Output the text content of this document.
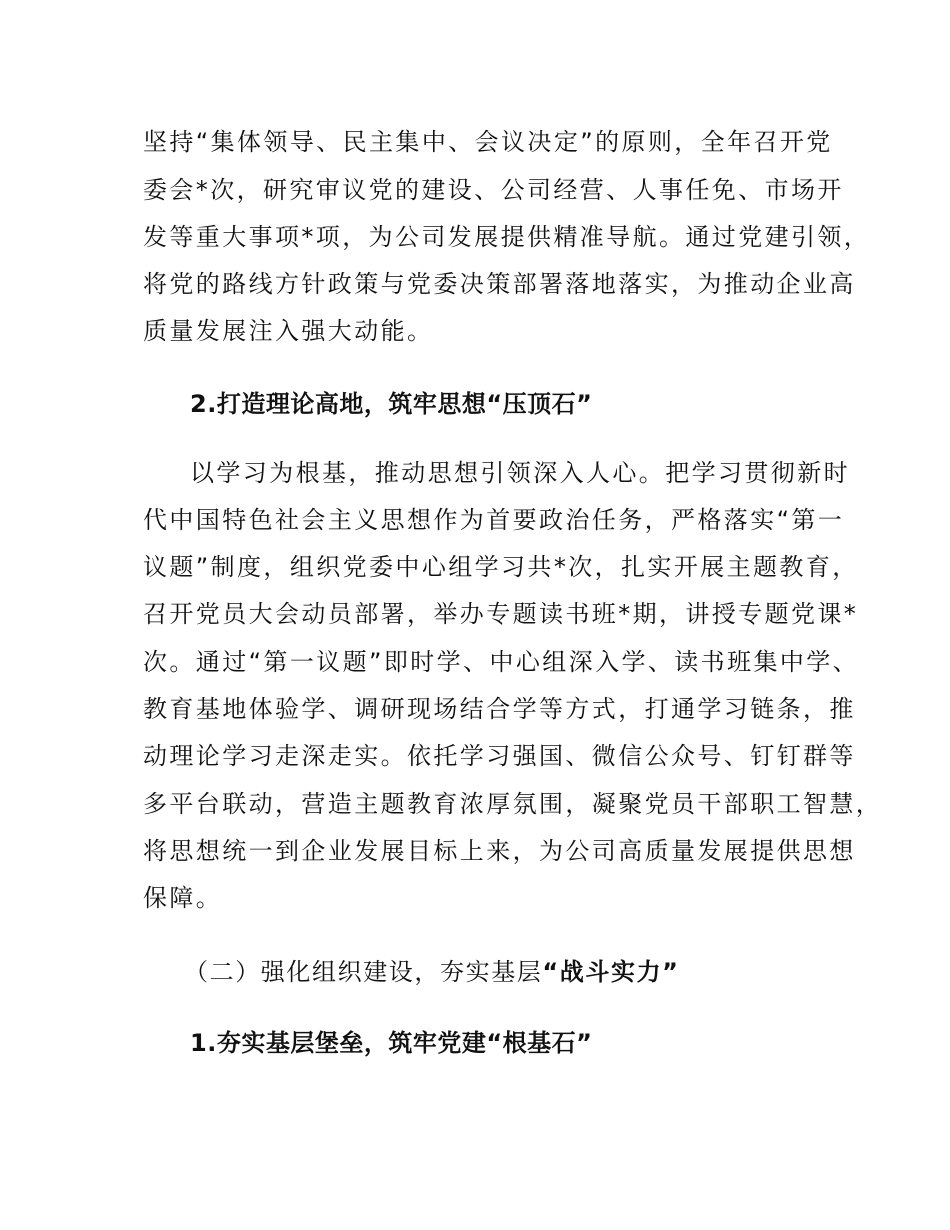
坚持“集体领导、民主集中、会议决定”的原则，全年召开党
委会*次，研究审议党的建设、公司经营、人事任免、市场开
发等重大事项*项，为公司发展提供精准导航。通过党建引领，
将党的路线方针政策与党委决策部署落地落实，为推动企业高
质量发展注入强大动能。
2.打造理论高地，筑牢思想“压顶石”
以学习为根基，推动思想引领深入人心。把学习贯彻新时
代中国特色社会主义思想作为首要政治任务，严格落实“第一
议题”制度，组织党委中心组学习共*次，扎实开展主题教育，
召开党员大会动员部署，举办专题读书班*期，讲授专题党课*
次。通过“第一议题”即时学、中心组深入学、读书班集中学、
教育基地体验学、调研现场结合学等方式，打通学习链条，推
动理论学习走深走实。依托学习强国、微信公众号、钉钉群等
多平台联动，营造主题教育浓厚氛围，凝聚党员干部职工智慧，
将思想统一到企业发展目标上来，为公司高质量发展提供思想
保障。
（二）强化组织建设，夯实基层“战斗实力”
1.夯实基层堡垒，筑牢党建“根基石”
